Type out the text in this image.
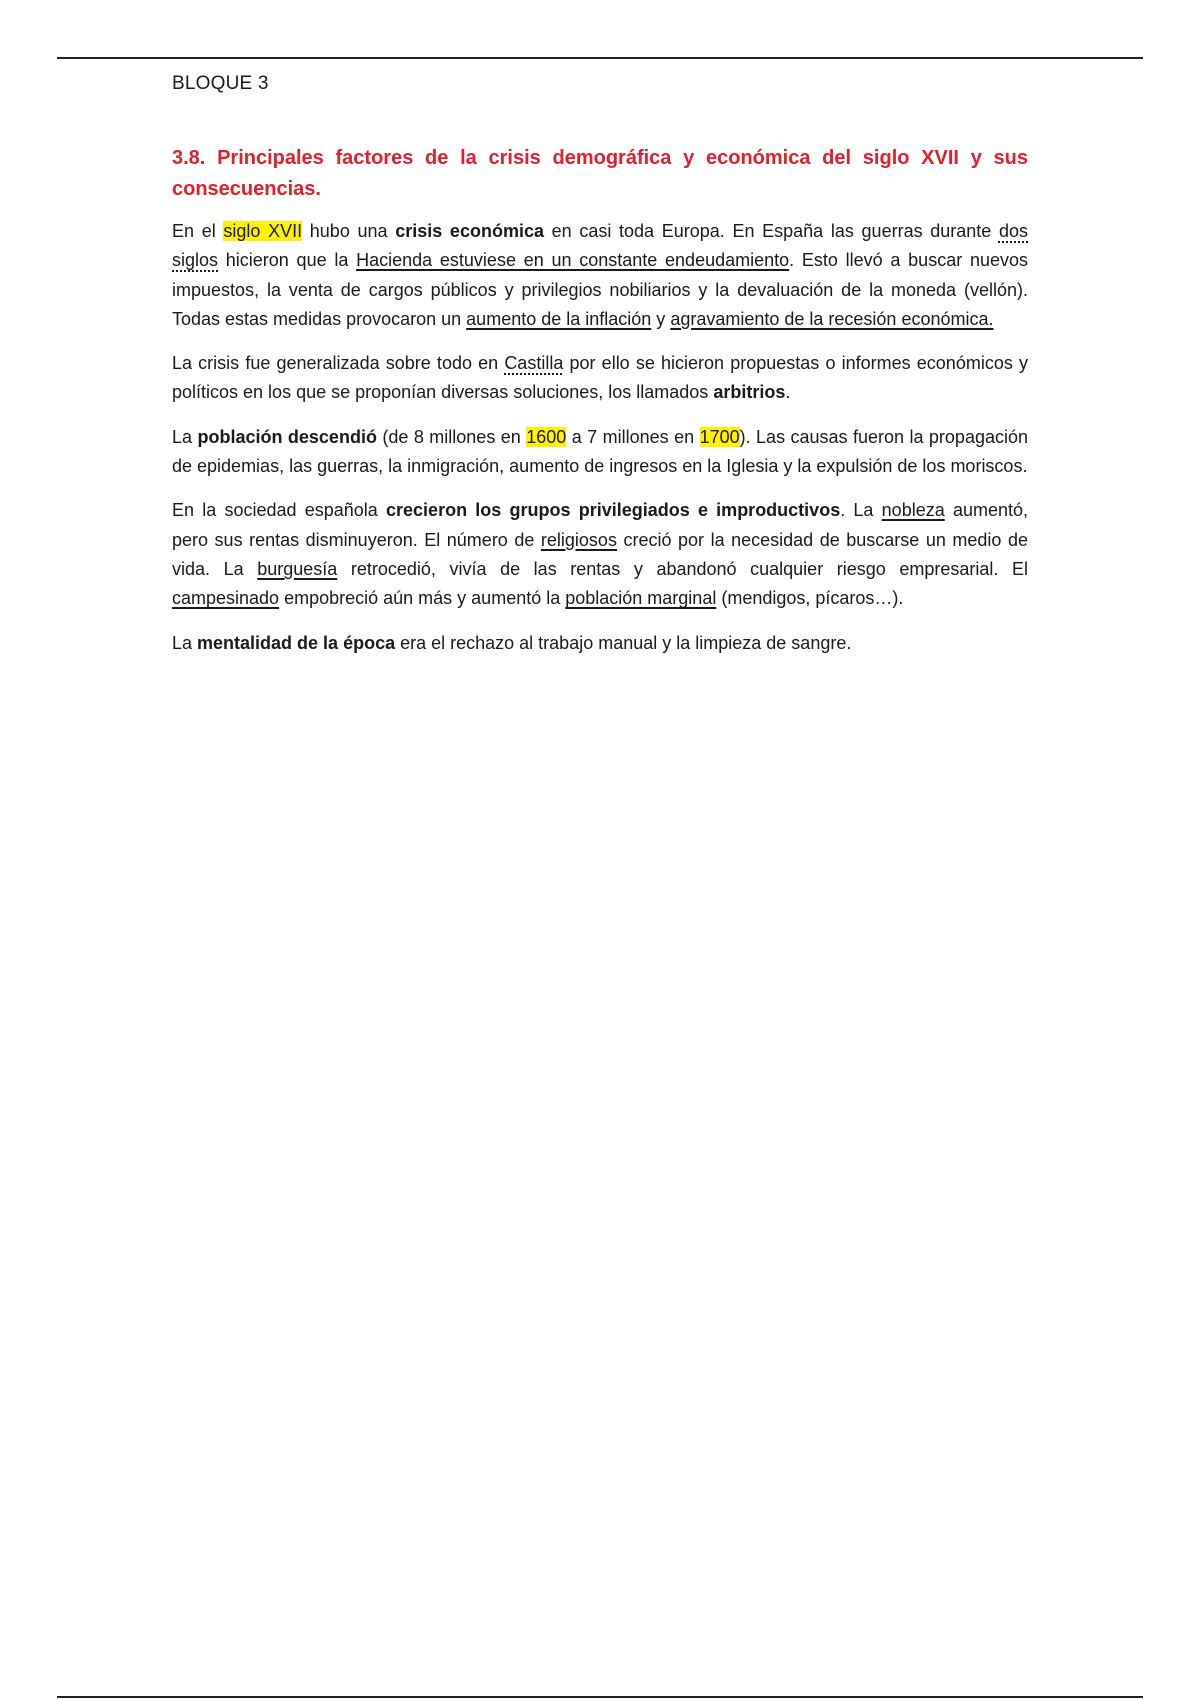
BLOQUE 3
3.8. Principales factores de la crisis demográfica y económica del siglo XVII y sus consecuencias.

En el siglo XVII hubo una crisis económica en casi toda Europa. En España las guerras durante dos siglos hicieron que la Hacienda estuviese en un constante endeudamiento. Esto llevó a buscar nuevos impuestos, la venta de cargos públicos y privilegios nobiliarios y la devaluación de la moneda (vellón). Todas estas medidas provocaron un aumento de la inflación y agravamiento de la recesión económica.

La crisis fue generalizada sobre todo en Castilla por ello se hicieron propuestas o informes económicos y políticos en los que se proponían diversas soluciones, los llamados arbitrios.

La población descendió (de 8 millones en 1600 a 7 millones en 1700). Las causas fueron la propagación de epidemias, las guerras, la inmigración, aumento de ingresos en la Iglesia y la expulsión de los moriscos.

En la sociedad española crecieron los grupos privilegiados e improductivos. La nobleza aumentó, pero sus rentas disminuyeron. El número de religiosos creció por la necesidad de buscarse un medio de vida. La burguesía retrocedió, vivía de las rentas y abandonó cualquier riesgo empresarial. El campesinado empobreció aún más y aumentó la población marginal (mendigos, pícaros…).

La mentalidad de la época era el rechazo al trabajo manual y la limpieza de sangre.
